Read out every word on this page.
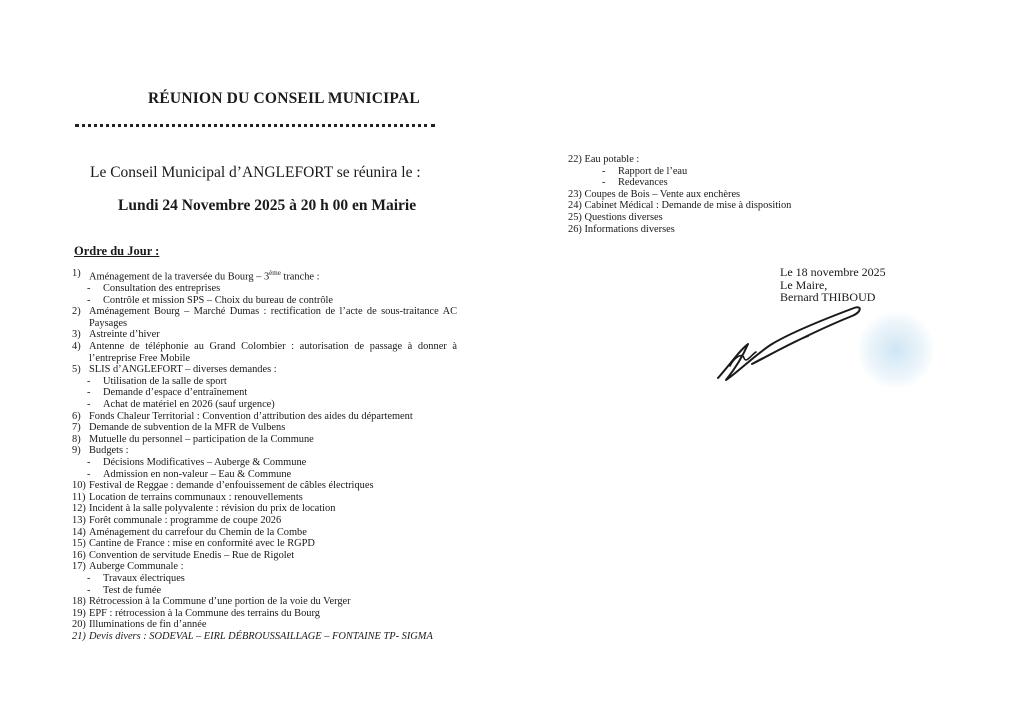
RÉUNION DU CONSEIL MUNICIPAL
Le Conseil Municipal d’ANGLEFORT se réunira le :
Lundi 24 Novembre 2025 à 20 h 00 en Mairie
Ordre du Jour :
1) Aménagement de la traversée du Bourg – 3ème tranche :
-	Consultation des entreprises
-	Contrôle et mission SPS – Choix du bureau de contrôle
2) Aménagement Bourg – Marché Dumas : rectification de l’acte de sous-traitance AC Paysages
3) Astreinte d’hiver
4) Antenne de téléphonie au Grand Colombier : autorisation de passage à donner à l’entreprise Free Mobile
5) SLIS d’ANGLEFORT – diverses demandes :
-	Utilisation de la salle de sport
-	Demande d’espace d’entraînement
-	Achat de matériel en 2026 (sauf urgence)
6) Fonds Chaleur Territorial : Convention d’attribution des aides du département
7) Demande de subvention de la MFR de Vulbens
8) Mutuelle du personnel – participation de la Commune
9) Budgets :
-	Décisions Modificatives – Auberge & Commune
-	Admission en non-valeur – Eau & Commune
10) Festival de Reggae : demande d’enfouissement de câbles électriques
11) Location de terrains communaux : renouvellements
12) Incident à la salle polyvalente : révision du prix de location
13) Forêt communale : programme de coupe 2026
14) Aménagement du carrefour du Chemin de la Combe
15) Cantine de France : mise en conformité avec le RGPD
16) Convention de servitude Enedis – Rue de Rigolet
17) Auberge Communale :
-	Travaux électriques
-	Test de fumée
18) Rétrocession à la Commune d’une portion de la voie du Verger
19) EPF : rétrocession à la Commune des terrains du Bourg
20) Illuminations de fin d’année
21) Devis divers : SODEVAL – EIRL DÉBROUSSAILLAGE – FONTAINE TP- SIGMA
22) Eau potable :
-	Rapport de l’eau
-	Redevances
23) Coupes de Bois – Vente aux enchères
24) Cabinet Médical : Demande de mise à disposition
25) Questions diverses
26) Informations diverses
Le 18 novembre 2025
Le Maire,
Bernard THIBOUD
